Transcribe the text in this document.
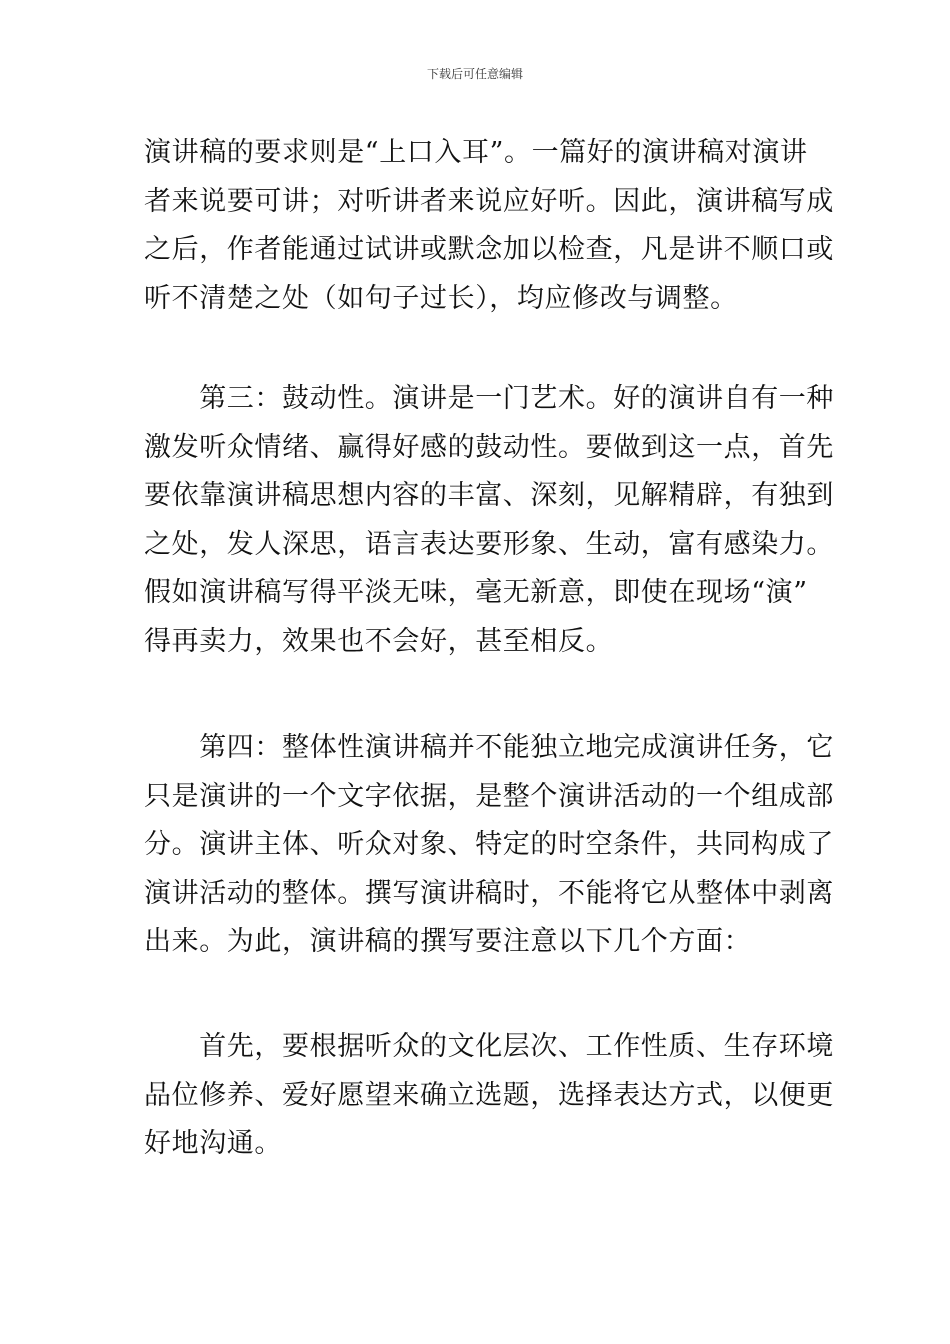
下载后可任意编辑

演讲稿的要求则是“上口入耳”。一篇好的演讲稿对演讲
者来说要可讲；对听讲者来说应好听。因此，演讲稿写成
之后，作者能通过试讲或默念加以检查，凡是讲不顺口或
听不清楚之处（如句子过长），均应修改与调整。

　　第三：鼓动性。演讲是一门艺术。好的演讲自有一种
激发听众情绪、赢得好感的鼓动性。要做到这一点，首先
要依靠演讲稿思想内容的丰富、深刻，见解精辟，有独到
之处，发人深思，语言表达要形象、生动，富有感染力。
假如演讲稿写得平淡无味，毫无新意，即使在现场“演”
得再卖力，效果也不会好，甚至相反。

　　第四：整体性演讲稿并不能独立地完成演讲任务，它
只是演讲的一个文字依据，是整个演讲活动的一个组成部
分。演讲主体、听众对象、特定的时空条件，共同构成了
演讲活动的整体。撰写演讲稿时，不能将它从整体中剥离
出来。为此，演讲稿的撰写要注意以下几个方面：

　　首先，要根据听众的文化层次、工作性质、生存环境
品位修养、爱好愿望来确立选题，选择表达方式，以便更
好地沟通。
